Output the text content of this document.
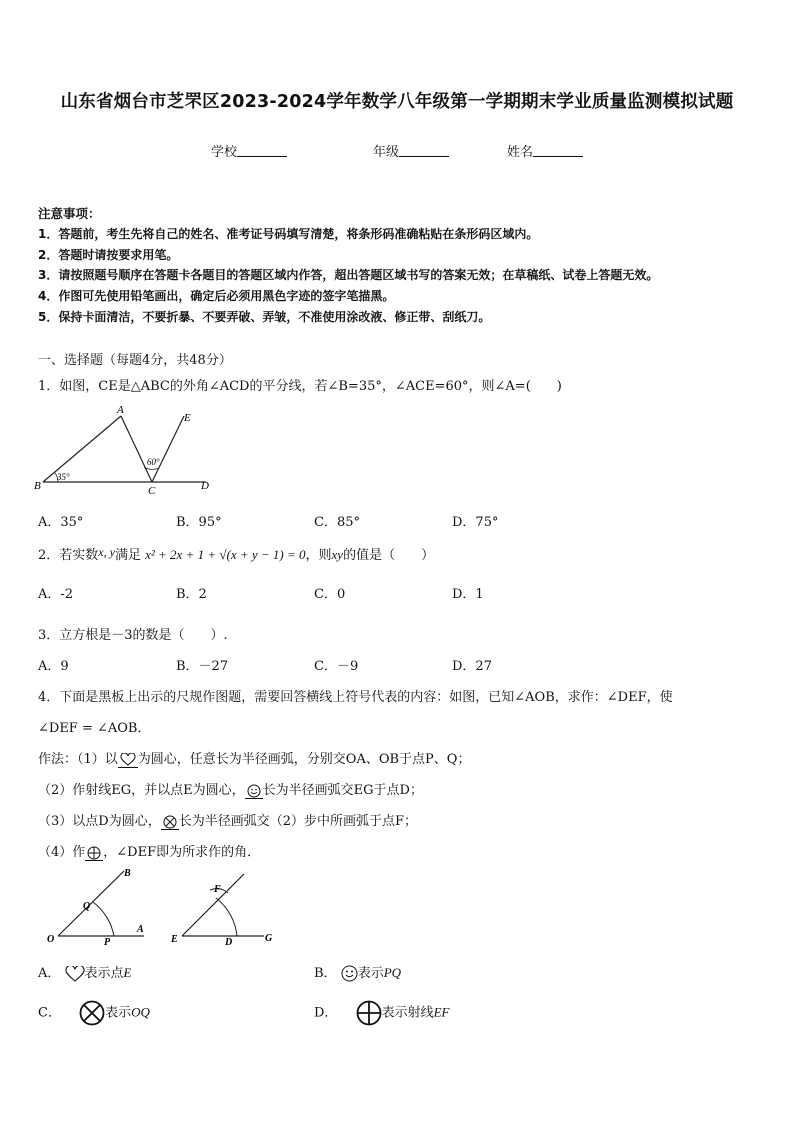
山东省烟台市芝罘区2023-2024学年数学八年级第一学期期末学业质量监测模拟试题
学校	年级	姓名
注意事项：
1．答题前，考生先将自己的姓名、准考证号码填写清楚，将条形码准确粘贴在条形码区域内。
2．答题时请按要求用笔。
3．请按照题号顺序在答题卡各题目的答题区域内作答，超出答题区域书写的答案无效；在草稿纸、试卷上答题无效。
4．作图可先使用铅笔画出，确定后必须用黑色字迹的签字笔描黑。
5．保持卡面清洁，不要折暴、不要弄破、弄皱，不准使用涂改液、修正带、刮纸刀。
一、选择题（每题4分，共48分）
1．如图，CE是△ABC的外角∠ACD的平分线，若∠B=35°，∠ACE=60°，则∠A=(　　)
A
B	C	D
E
35°
60°
A．35°	B．95°	C．85°	D．75°
2．若实数x, y满足 x² + 2x + 1 + √(x + y − 1) = 0，则xy的值是（　　）
A．-2	B．2	C．0	D．1
3．立方根是－3的数是（　　）.
A．9	B．－27	C．－9	D．27
4．下面是黑板上出示的尺规作图题，需要回答横线上符号代表的内容：如图，已知∠AOB，求作：∠DEF，使
∠DEF = ∠AOB．
作法：（1）以 为圆心，任意长为半径画弧，分别交OA、OB于点P、Q；
（2）作射线EG，并以点E为圆心， 长为半径画弧交EG于点D；
（3）以点D为圆心， 长为半径画弧交（2）步中所画弧于点F；
（4）作 ，∠DEF即为所求作的角．
O	P
A
Q
B
E	D	G
F
A． 表示点E	B． 表示PQ
C．	表示OQ	D．	表示射线EF
